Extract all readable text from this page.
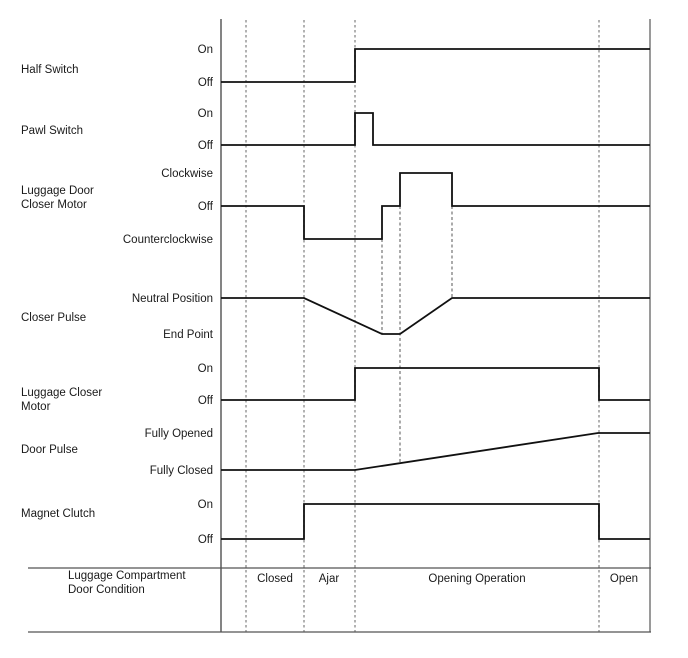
Half Switch
On
Off
Pawl Switch
On
Off
Luggage Door
Closer Motor
Clockwise
Off
Counterclockwise
Closer Pulse
Neutral Position
End Point
Luggage Closer
Motor
On
Off
Door Pulse
Fully Opened
Fully Closed
Magnet Clutch
On
Off
Luggage Compartment
Door Condition
Closed Ajar	Opening Operation	Open
